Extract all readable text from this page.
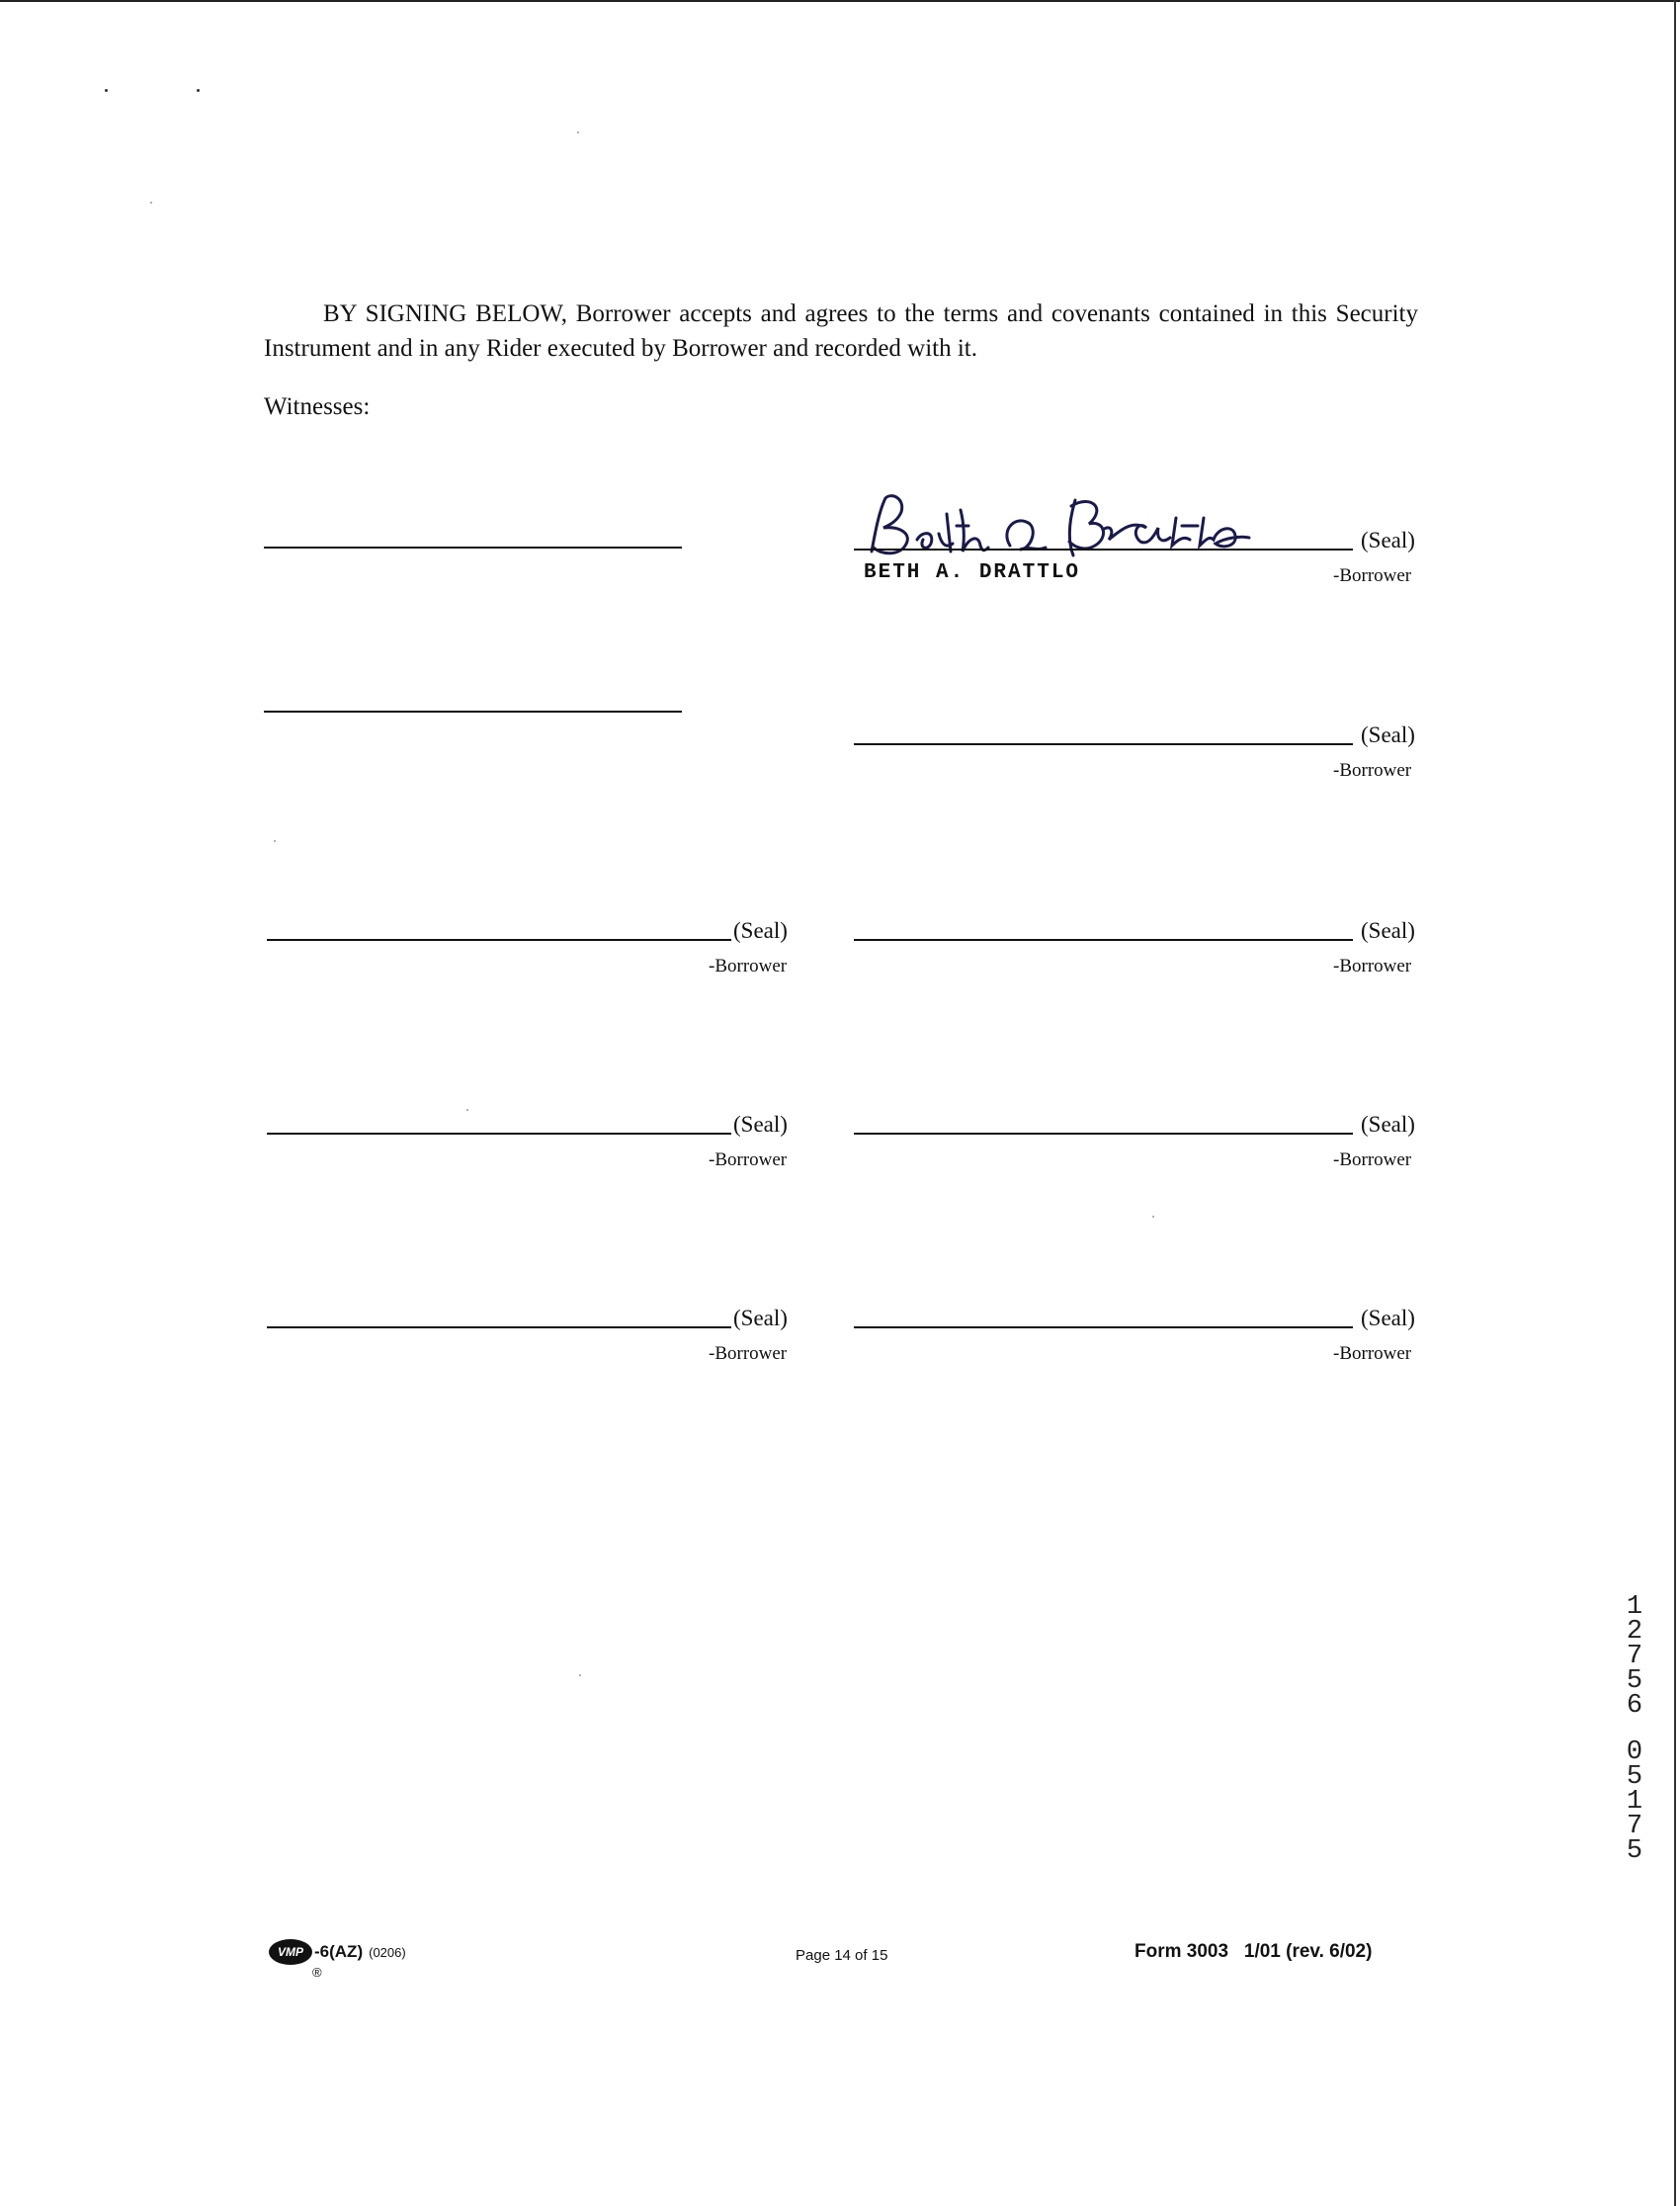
BY SIGNING BELOW, Borrower accepts and agrees to the terms and covenants contained in this Security Instrument and in any Rider executed by Borrower and recorded with it.

Witnesses:
(Seal)
BETH A. DRATTLO	-Borrower
(Seal)
-Borrower
(Seal)
-Borrower
(Seal)
-Borrower
(Seal)
-Borrower
(Seal)
-Borrower
(Seal)
-Borrower
(Seal)
-Borrower
12756
05175
VMP -6(AZ) (0206)
®
Page 14 of 15	Form 3003   1/01 (rev. 6/02)
